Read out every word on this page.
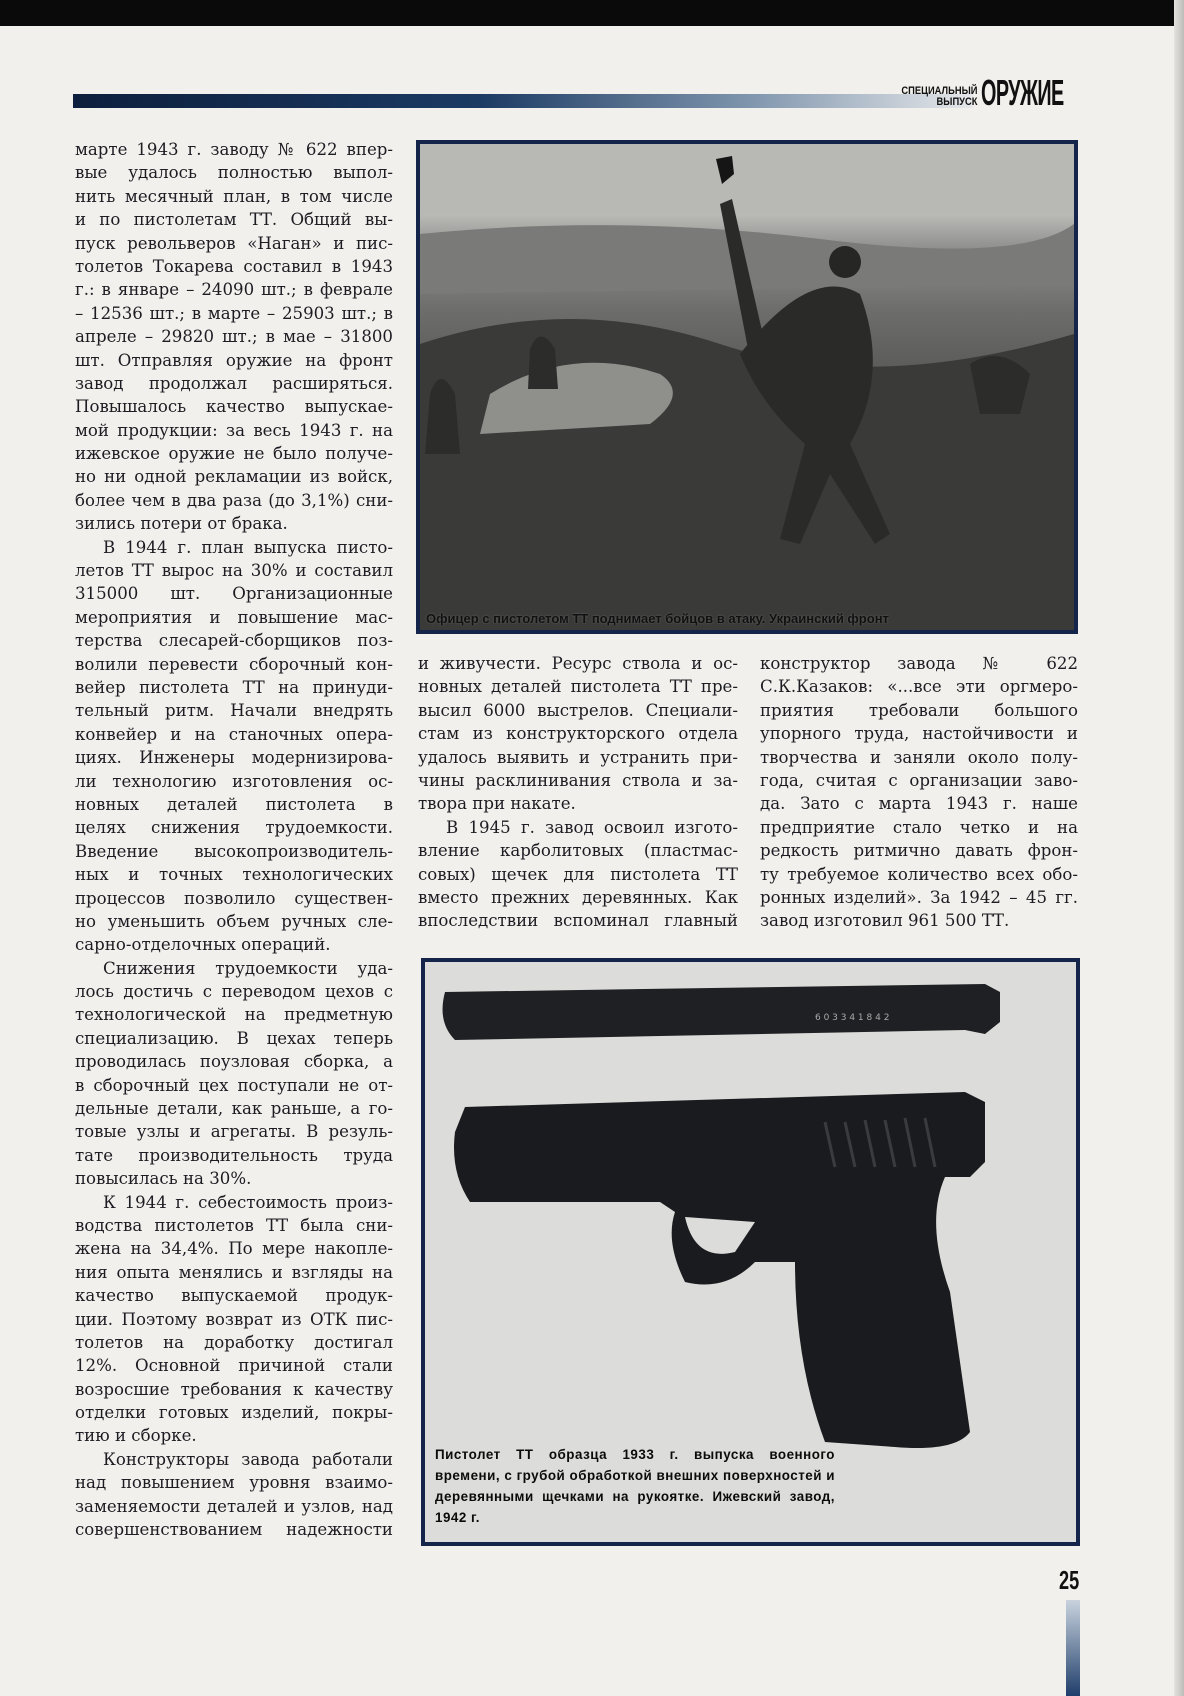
СПЕЦИАЛЬНЫЙ
ВЫПУСК ОРУЖИЕ
марте 1943 г. заводу № 622 впер-
вые удалось полностью выпол-
нить месячный план, в том числе
и по пистолетам ТТ. Общий вы-
пуск револьверов «Наган» и пис-
толетов Токарева составил в 1943
г.: в январе – 24090 шт.; в феврале
– 12536 шт.; в марте – 25903 шт.; в
апреле – 29820 шт.; в мае – 31800
шт. Отправляя оружие на фронт
завод продолжал расширяться.
Повышалось качество выпускае-
мой продукции: за весь 1943 г. на
ижевское оружие не было получе-
но ни одной рекламации из войск,
более чем в два раза (до 3,1%) сни-
зились потери от брака.
В 1944 г. план выпуска писто-
летов ТТ вырос на 30% и составил
315000 шт. Организационные
мероприятия и повышение мас-
терства слесарей-сборщиков поз-
волили перевести сборочный кон-
вейер пистолета ТТ на принуди-
тельный ритм. Начали внедрять
конвейер и на станочных опера-
циях. Инженеры модернизирова-
ли технологию изготовления ос-
новных деталей пистолета в
целях снижения трудоемкости.
Введение высокопроизводитель-
ных и точных технологических
процессов позволило существен-
но уменьшить объем ручных сле-
сарно-отделочных операций.
Снижения трудоемкости уда-
лось достичь с переводом цехов с
технологической на предметную
специализацию. В цехах теперь
проводилась поузловая сборка, а
в сборочный цех поступали не от-
дельные детали, как раньше, а го-
товые узлы и агрегаты. В резуль-
тате производительность труда
повысилась на 30%.
К 1944 г. себестоимость произ-
водства пистолетов ТТ была сни-
жена на 34,4%. По мере накопле-
ния опыта менялись и взгляды на
качество выпускаемой продук-
ции. Поэтому возврат из ОТК пис-
толетов на доработку достигал
12%. Основной причиной стали
возросшие требования к качеству
отделки готовых изделий, покры-
тию и сборке.
Конструкторы завода работали
над повышением уровня взаимо-
заменяемости деталей и узлов, над
совершенствованием надежности
и живучести. Ресурс ствола и ос-
новных деталей пистолета ТТ пре-
высил 6000 выстрелов. Специали-
стам из конструкторского отдела
удалось выявить и устранить при-
чины расклинивания ствола и за-
твора при накате.
В 1945 г. завод освоил изгото-
вление карболитовых (пластмас-
совых) щечек для пистолета ТТ
вместо прежних деревянных. Как
впоследствии вспоминал главный
конструктор завода № 622
С.К.Казаков: «...все эти оргмеро-
приятия требовали большого
упорного труда, настойчивости и
творчества и заняли около полу-
года, считая с организации заво-
да. Зато с марта 1943 г. наше
предприятие стало четко и на
редкость ритмично давать фрон-
ту требуемое количество всех обо-
ронных изделий». За 1942 – 45 гг.
завод изготовил 961 500 ТТ.
Офицер с пистолетом ТТ поднимает бойцов в атаку. Украинский фронт
6 0 3 3 4 1 8 4 2
Пистолет ТТ образца 1933 г. выпуска военного времени, с грубой обработкой внешних поверхностей и деревянными щечками на рукоятке. Ижевский завод, 1942 г.
25
